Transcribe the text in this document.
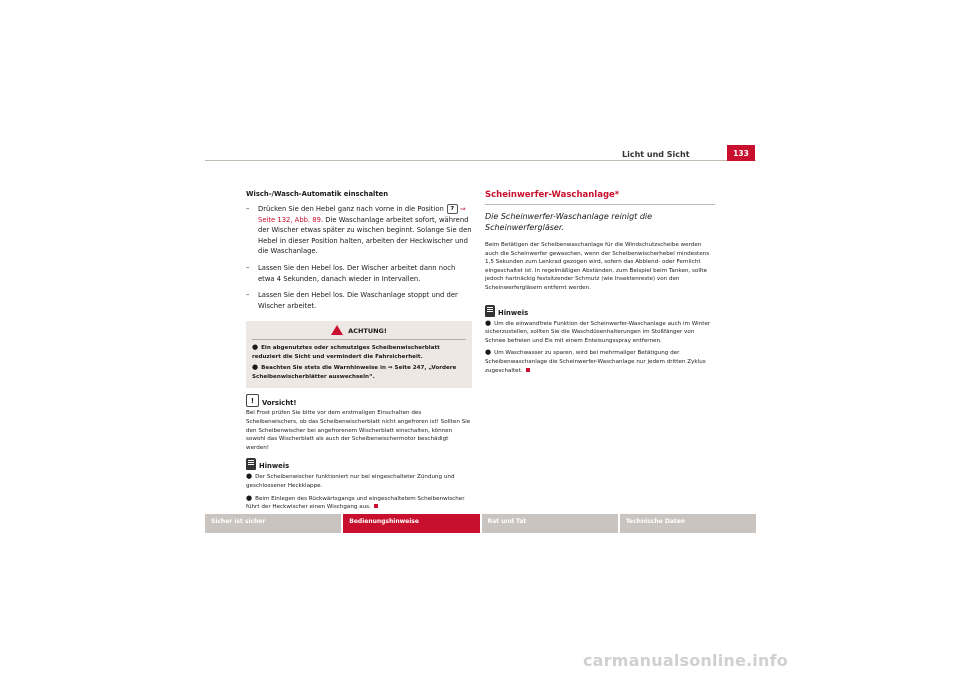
Licht und Sicht	133

Wisch-/Wasch-Automatik einschalten

– Drücken Sie den Hebel ganz nach vorne in die Position 7 ⇒ Seite 132, Abb. 89. Die Waschanlage arbeitet sofort, während der Wischer etwas später zu wischen beginnt. Solange Sie den Hebel in dieser Position halten, arbeiten der Heckwischer und die Waschanlage.

– Lassen Sie den Hebel los. Der Wischer arbeitet dann noch etwa 4 Sekunden, danach wieder in Intervallen.

– Lassen Sie den Hebel los. Die Waschanlage stoppt und der Wischer arbeitet.

ACHTUNG!

● Ein abgenutztes oder schmutziges Scheibenwischerblatt reduziert die Sicht und vermindert die Fahrsicherheit.

● Beachten Sie stets die Warnhinweise in ⇒ Seite 247, „Vordere Scheibenwischerblätter auswechseln“.

!	Vorsicht!

Bei Frost prüfen Sie bitte vor dem erstmaligen Einschalten des Scheibenwischers, ob das Scheibenwischerblatt nicht angefroren ist! Sollten Sie den Scheibenwischer bei angefrorenem Wischerblatt einschalten, können sowohl das Wischerblatt als auch der Scheibenwischermotor beschädigt werden!

Hinweis

● Der Scheibenwischer funktioniert nur bei eingeschalteter Zündung und geschlossener Heckklappe.

● Beim Einlegen des Rückwärtsgangs und eingeschaltetem Scheibenwischer führt der Heckwischer einen Wischgang aus.

Scheinwerfer-Waschanlage*

Die Scheinwerfer-Waschanlage reinigt die Scheinwerfergläser.

Beim Betätigen der Scheibenwaschanlage für die Windschutzscheibe werden auch die Scheinwerfer gewaschen, wenn der Scheibenwischerhebel mindestens 1,5 Sekunden zum Lenkrad gezogen wird, sofern das Abblend- oder Fernlicht eingeschaltet ist. In regelmäßigen Abständen, zum Beispiel beim Tanken, sollte jedoch hartnäckig festsitzender Schmutz (wie Insektenreste) von den Scheinwerfergläsern entfernt werden.

Hinweis

● Um die einwandfreie Funktion der Scheinwerfer-Waschanlage auch im Winter sicherzustellen, sollten Sie die Waschdüsenhalterungen im Stoßfänger von Schnee befreien und Eis mit einem Enteisungsspray entfernen.

● Um Waschwasser zu sparen, wird bei mehrmaliger Betätigung der Scheibenwaschanlage die Scheinwerfer-Waschanlage nur jedem dritten Zyklus zugeschaltet.

Sicher ist sicher	Bedienungshinweise	Rat und Tat	Technische Daten
carmanualsonline.info
